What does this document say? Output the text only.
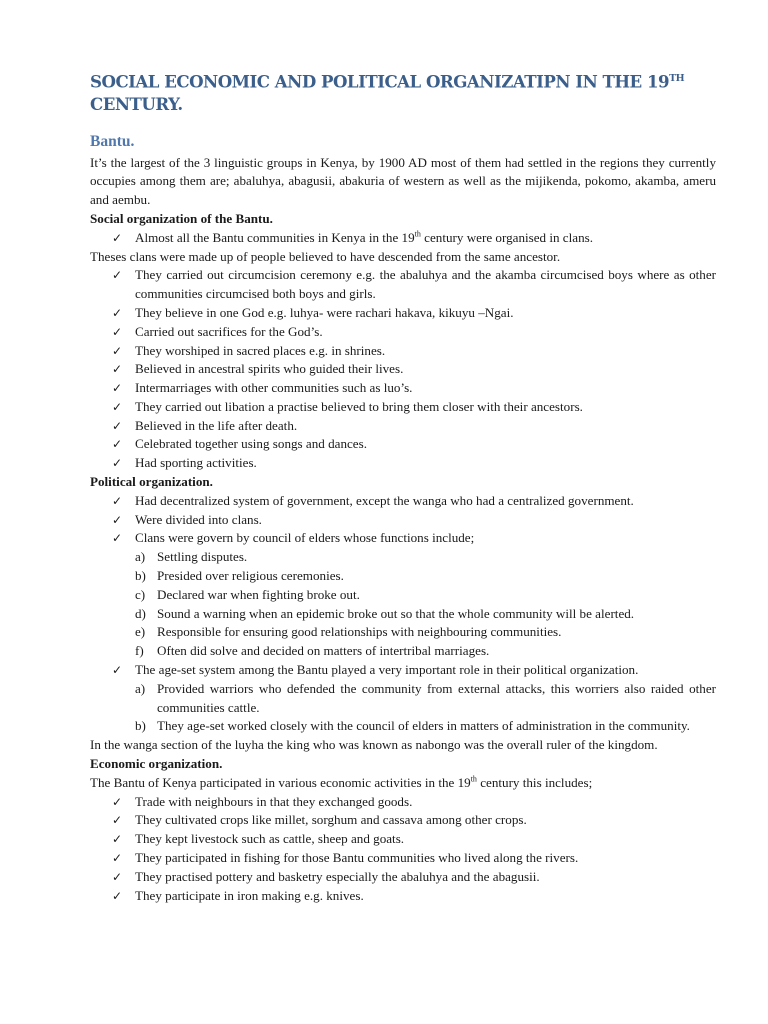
SOCIAL ECONOMIC AND POLITICAL ORGANIZATIPN IN THE 19TH
CENTURY.
Bantu.

It’s the largest of the 3 linguistic groups in Kenya, by 1900 AD most of them had settled in the regions they currently occupies among them are; abaluhya, abagusii, abakuria of western as well as the mijikenda, pokomo, akamba, ameru and aembu.

Social organization of the Bantu.
✓ Almost all the Bantu communities in Kenya in the 19th century were organised in clans.

Theses clans were made up of people believed to have descended from the same ancestor.

✓ They carried out circumcision ceremony e.g. the abaluhya and the akamba circumcised boys where as other communities circumcised both boys and girls.
✓ They believe in one God e.g. luhya- were rachari hakava, kikuyu –Ngai.
✓ Carried out sacrifices for the God’s.
✓ They worshiped in sacred places e.g. in shrines.
✓ Believed in ancestral spirits who guided their lives.
✓ Intermarriages with other communities such as luo’s.
✓ They carried out libation a practise believed to bring them closer with their ancestors.
✓ Believed in the life after death.
✓ Celebrated together using songs and dances.
✓ Had sporting activities.
Political organization.
✓ Had decentralized system of government, except the wanga who had a centralized government.
✓ Were divided into clans.
✓ Clans were govern by council of elders whose functions include;
a) Settling disputes.
b) Presided over religious ceremonies.
c) Declared war when fighting broke out.
d) Sound a warning when an epidemic broke out so that the whole community will be alerted.
e) Responsible for ensuring good relationships with neighbouring communities.
f) Often did solve and decided on matters of intertribal marriages.
✓ The age-set system among the Bantu played a very important role in their political organization.
a) Provided warriors who defended the community from external attacks, this worriers also raided other communities cattle.
b) They age-set worked closely with the council of elders in matters of administration in the community.

In the wanga section of the luyha the king who was known as nabongo was the overall ruler of the kingdom.

Economic organization.

The Bantu of Kenya participated in various economic activities in the 19th century this includes;

✓ Trade with neighbours in that they exchanged goods.
✓ They cultivated crops like millet, sorghum and cassava among other crops.
✓ They kept livestock such as cattle, sheep and goats.
✓ They participated in fishing for those Bantu communities who lived along the rivers.
✓ They practised pottery and basketry especially the abaluhya and the abagusii.
✓ They participate in iron making e.g. knives.
